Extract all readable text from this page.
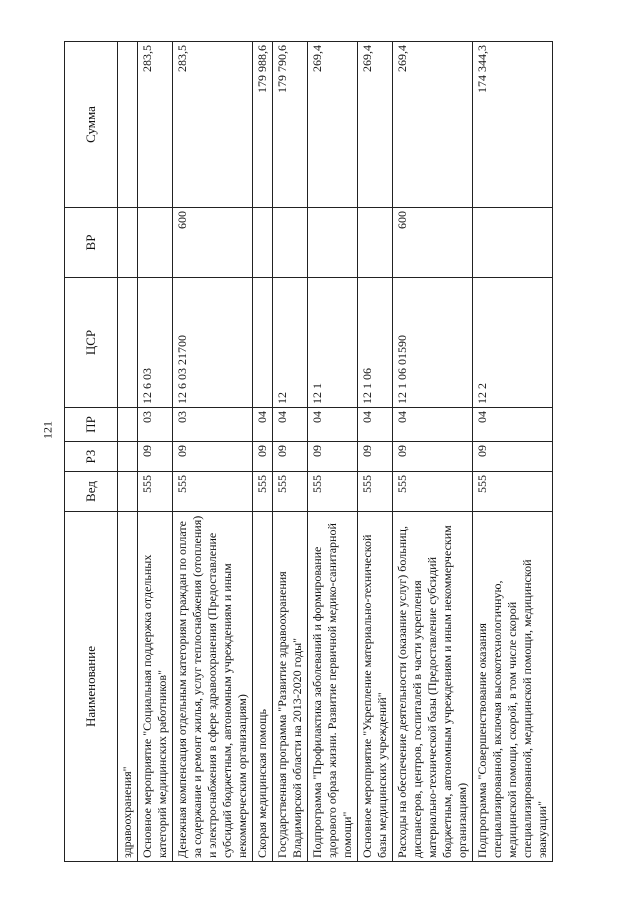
121
Наименование	Вед	РЗ	ПР	ЦСР	ВР	Сумма
здравоохранения"						
Основное мероприятие "Социальная поддержка отдельных категорий медицинских работников"	555	09	03	12 6 03		283,5
Денежная компенсация отдельным категориям граждан по оплате за содержание и ремонт жилья, услуг теплоснабжения (отопления) и электроснабжения в сфере здравоохранения (Предоставление субсидий бюджетным, автономным учреждениям и иным некоммерческим организациям)	555	09	03	12 6 03 21700	600	283,5
Скорая медицинская помощь	555	09	04			179 988,6
Государственная программа "Развитие здравоохранения Владимирской области на 2013-2020 годы"	555	09	04	12		179 790,6
Подпрограмма "Профилактика заболеваний и формирование здорового образа жизни. Развитие первичной медико-санитарной помощи"	555	09	04	12 1		269,4
Основное мероприятие "Укрепление материально-технической базы медицинских учреждений"	555	09	04	12 1 06		269,4
Расходы на обеспечение деятельности (оказание услуг) больниц, диспансеров, центров, госпиталей в части укрепления материально-технической базы (Предоставление субсидий бюджетным, автономным учреждениям и иным некоммерческим организациям)	555	09	04	12 1 06 01590	600	269,4
Подпрограмма "Совершенствование оказания специализированной, включая высокотехнологичную, медицинской помощи, скорой, в том числе скорой специализированной, медицинской помощи, медицинской эвакуации"	555	09	04	12 2		174 344,3
